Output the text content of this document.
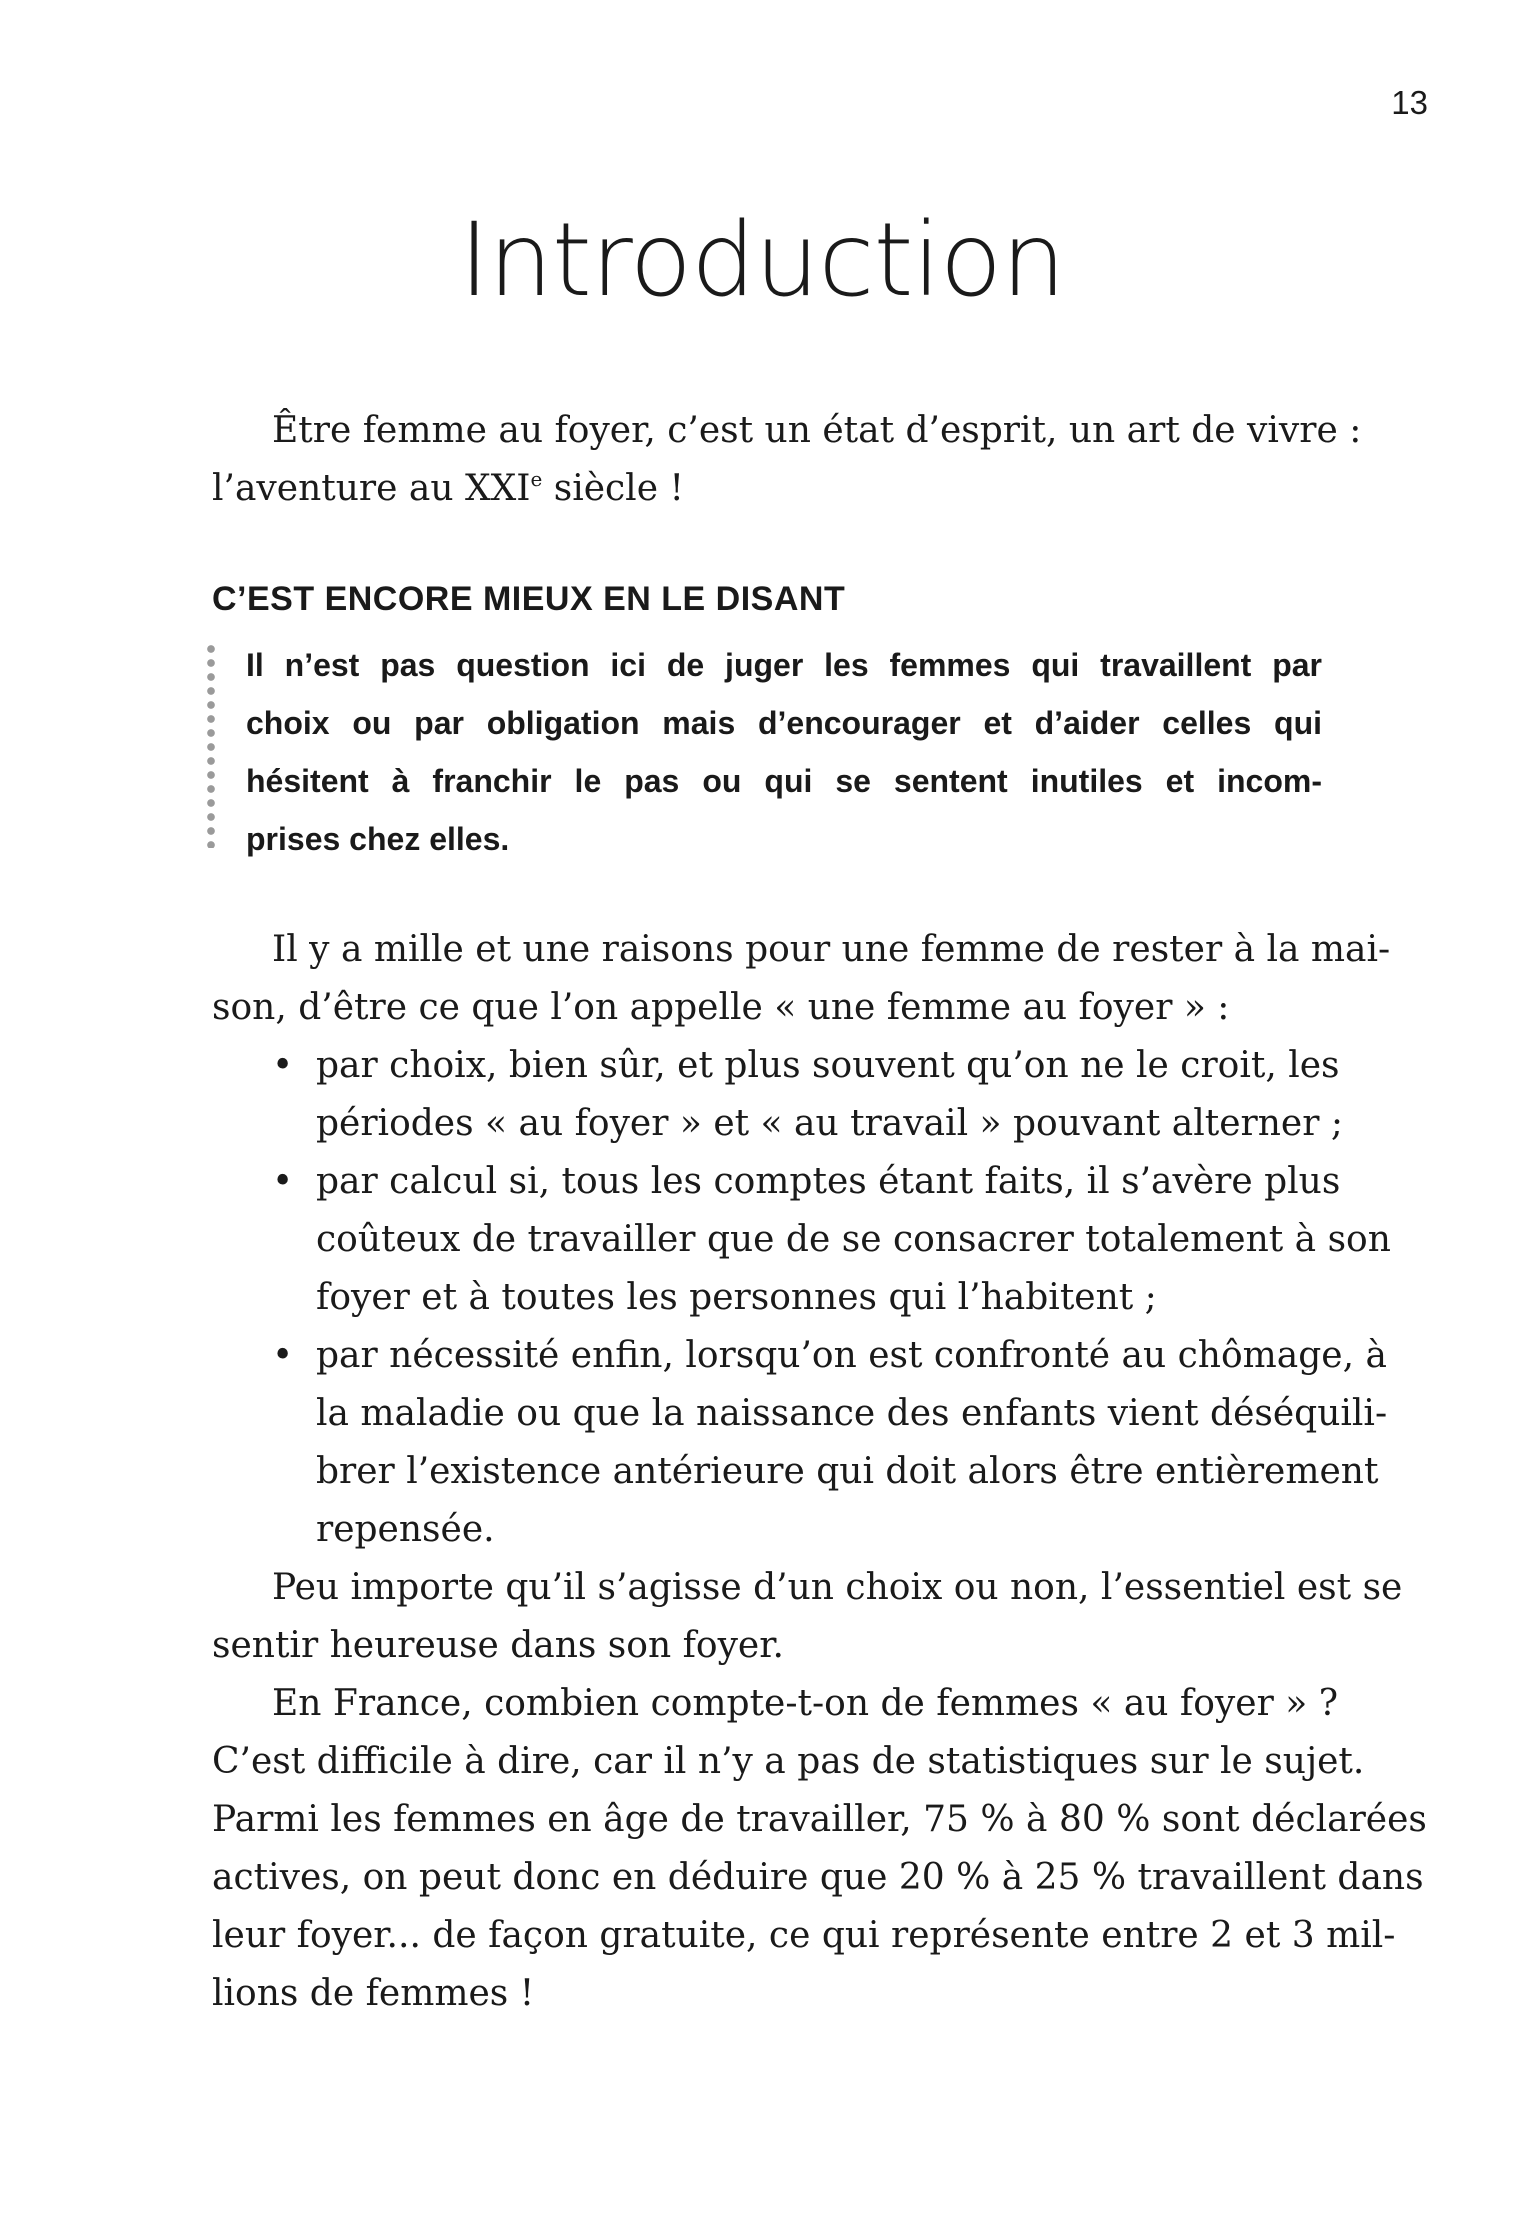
13
Introduction

Être femme au foyer, c’est un état d’esprit, un art de vivre :
l’aventure au XXIe siècle !

C’EST ENCORE MIEUX EN LE DISANT
Il n’est pas question ici de juger les femmes qui travaillent par
choix ou par obligation mais d’encourager et d’aider celles qui
hésitent à franchir le pas ou qui se sentent inutiles et incom-
prises chez elles.

Il y a mille et une raisons pour une femme de rester à la mai-
son, d’être ce que l’on appelle « une femme au foyer » :

• par choix, bien sûr, et plus souvent qu’on ne le croit, les
périodes « au foyer » et « au travail » pouvant alterner ;
• par calcul si, tous les comptes étant faits, il s’avère plus
coûteux de travailler que de se consacrer totalement à son
foyer et à toutes les personnes qui l’habitent ;
• par nécessité enfin, lorsqu’on est confronté au chômage, à
la maladie ou que la naissance des enfants vient déséquili-
brer l’existence antérieure qui doit alors être entièrement
repensée.

Peu importe qu’il s’agisse d’un choix ou non, l’essentiel est se
sentir heureuse dans son foyer.

En France, combien compte-t-on de femmes « au foyer » ?
C’est difficile à dire, car il n’y a pas de statistiques sur le sujet.
Parmi les femmes en âge de travailler, 75 % à 80 % sont déclarées
actives, on peut donc en déduire que 20 % à 25 % travaillent dans
leur foyer... de façon gratuite, ce qui représente entre 2 et 3 mil-
lions de femmes !
